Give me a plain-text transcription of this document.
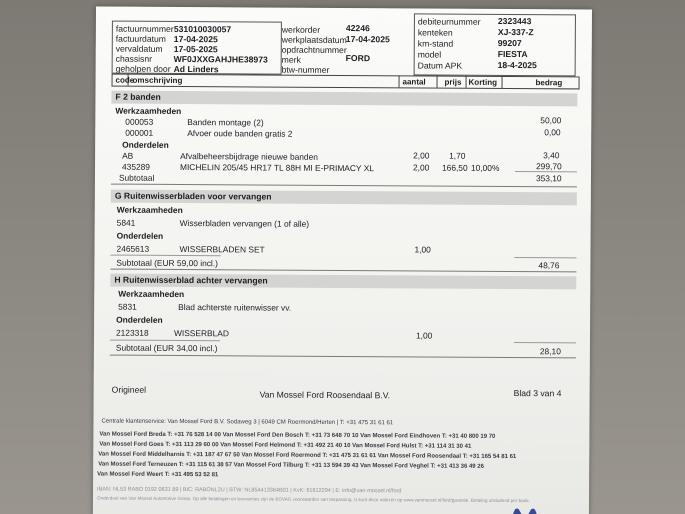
factuurnummer 531010030057
factuurdatum 17-04-2025
vervaldatum 17-05-2025
chassisnr	WF0JXXGAHJHE38973
geholpen door Ad Linders
werkorder	42246
werkplaatsdatum
17-04-2025
opdrachtnummer
merk	FORD
btw-nummer
debiteurnummer 2323443
kenteken	XJ-337-Z
km-stand	99207
model	FIESTA
Datum APK	18-4-2025
code
omschrijving	aantal prijs Korting	bedrag
F 2 banden
Werkzaamheden
000053	Banden montage (2)	50,00
000001	Afvoer oude banden gratis 2	0,00
Onderdelen
AB	Afvalbeheersbijdrage nieuwe banden	2,00 1,70	3,40
435289	MICHELIN 205/45 HR17 TL 88H MI E-PRIMACY XL	2,00 166,50 10,00%	299,70
Subtotaal	353,10
G Ruitenwisserbladen voor vervangen
Werkzaamheden
5841	Wisserbladen vervangen (1 of alle)
Onderdelen
2465613	WISSERBLADEN SET	1,00
Subtotaal (EUR 59,00 incl.)	48,76
H Ruitenwisserblad achter vervangen
Werkzaamheden
5831	Blad achterste ruitenwisser vv.
Onderdelen
2123318	WISSERBLAD	1,00
Subtotaal (EUR 34,00 incl.)	28,10
Origineel	Van Mossel Ford Roosendaal B.V.	Blad 3 van 4
Centrale klantenservice: Van Mossel Ford B.V. Sodaweg 3 | 6049 CM Roermond/Herten | T: +31 475 31 61 61
Van Mossel Ford Breda T: +31 76 528 14 00 Van Mossel Ford Den Bosch T: +31 73 648 70 10 Van Mossel Ford Eindhoven T: +31 40 800 19 70
Van Mossel Ford Goes T: +31 113 29 60 00 Van Mossel Ford Helmond T: +31 492 21 40 10 Van Mossel Ford Hulst T: +31 114 31 30 41
Van Mossel Ford Middelharnis T: +31 187 47 67 50 Van Mossel Ford Roermond T: +31 475 31 61 61 Van Mossel Ford Roosendaal T: +31 165 54 81 61
Van Mossel Ford Terneuzen T: +31 115 61 38 57 Van Mossel Ford Tilburg T: +31 13 594 39 43 Van Mossel Ford Veghel T: +31 413 36 49 26
Van Mossel Ford Weert T: +31 495 53 52 81
IBAN: NL53 RABO 0192 0631 89 | BIC: RABONL2U | BTW: NL854413364B01 | KvK: 61612294 | E: info@van-mossel.nl/ford
Onderdeel van Van Mossel Automotive Groep. Op alle betalingen en leveranties zijn de BOVAG voorwaarden van toepassing. U kunt deze nalezen op www.vanmossel.nl/ford/garantie. Betaling uitsluitend per bank.
